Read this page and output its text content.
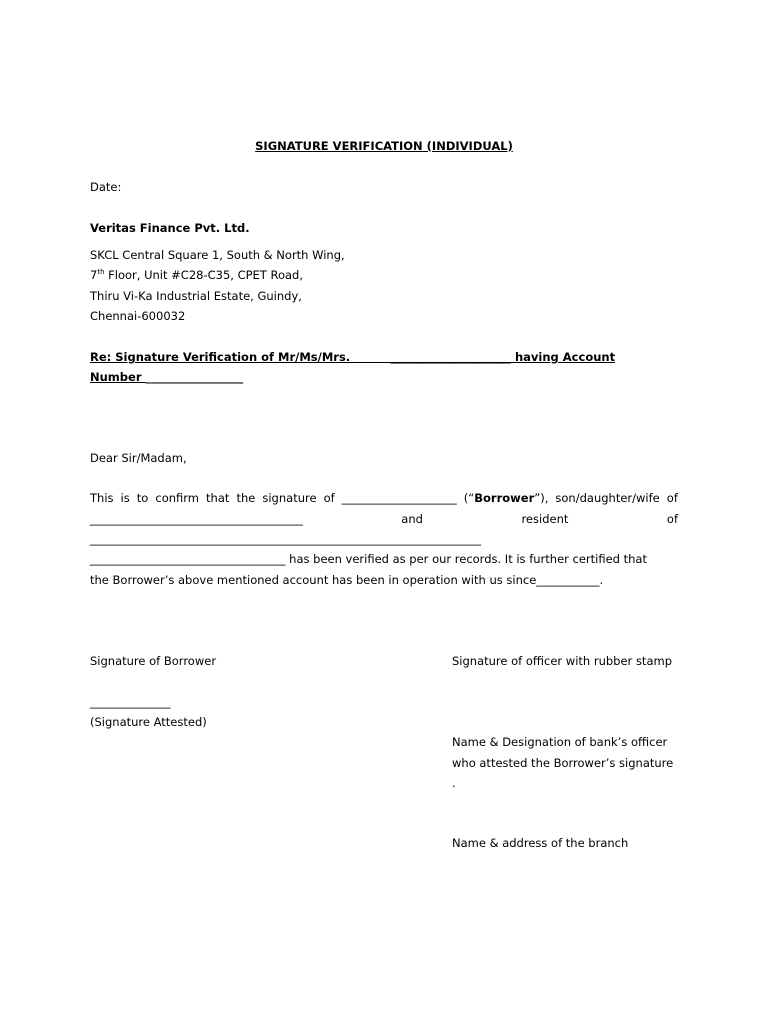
SIGNATURE VERIFICATION (INDIVIDUAL)
Date:
Veritas Finance Pvt. Ltd.
SKCL Central Square 1, South & North Wing,
7th Floor, Unit #C28-C35, CPET Road,
Thiru Vi-Ka Industrial Estate, Guindy,
Chennai-600032
Re: Signature Verification of Mr/Ms/Mrs.          _____________________ having Account
Number _________________
Dear Sir/Madam,
This is to confirm that the signature of ____________________ (“Borrower”), son/daughter/wife of
_____________________________________	and	resident	of
____________________________________________________________________
__________________________________ has been verified as per our records. It is further certified that
the Borrower’s above mentioned account has been in operation with us since___________.
Signature of Borrower	Signature of officer with rubber stamp
______________
(Signature Attested)
Name & Designation of bank’s officer
who attested the Borrower’s signature
.
Name & address of the branch
